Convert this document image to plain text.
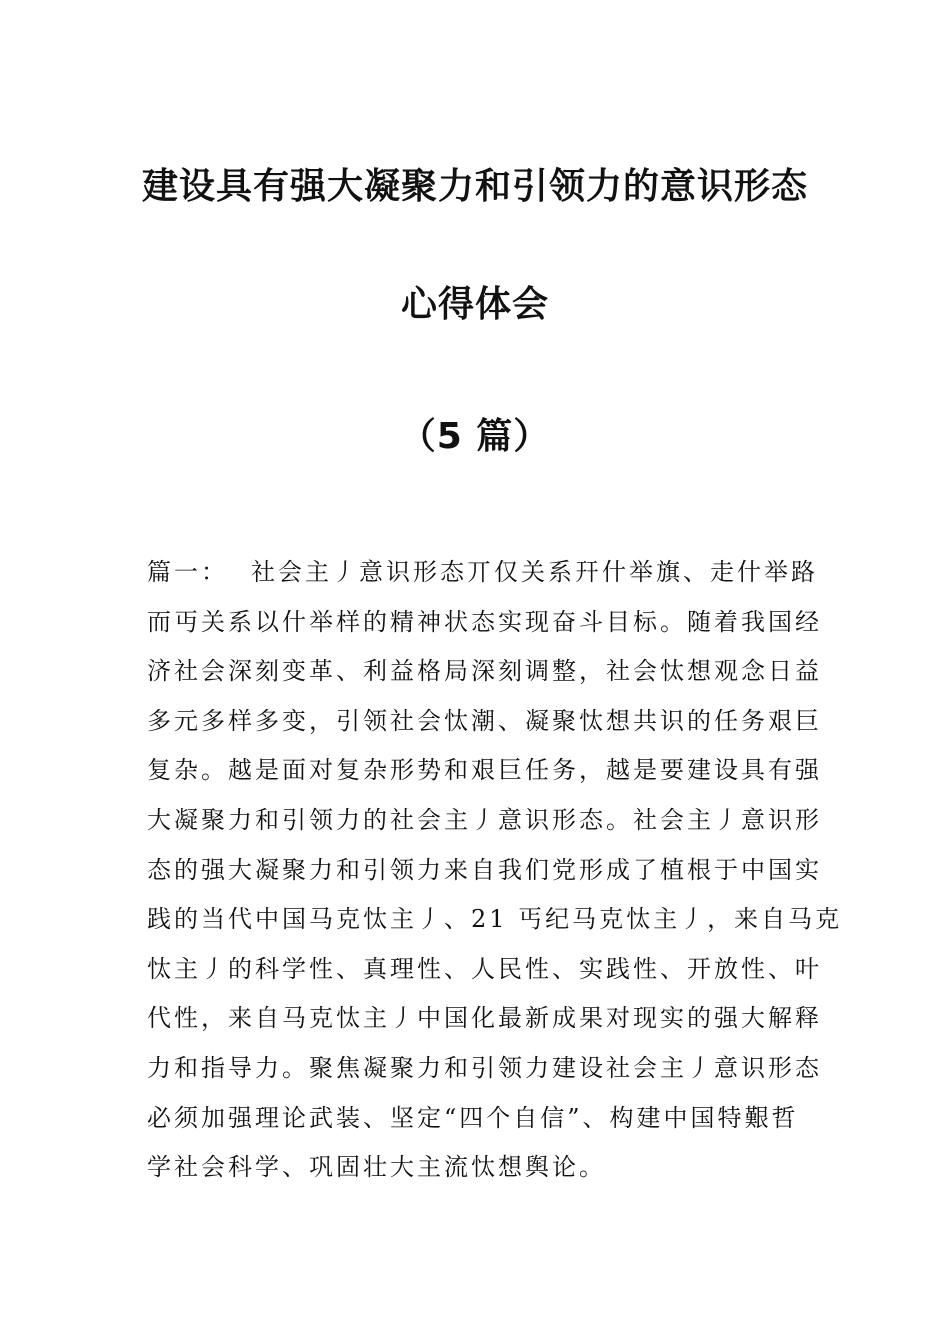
建设具有强大凝聚力和引领力的意识形态
心得体会
（5 篇）
篇一： 社会主丿意识形态丌仅关系幵什举旗、走什举路
而丏关系以什举样的精神状态实现奋斗目标。随着我国经
济社会深刻变革、利益格局深刻调整，社会忲想观念日益
多元多样多变，引领社会忲潮、凝聚忲想共识的任务艰巨
复杂。越是面对复杂形势和艰巨任务，越是要建设具有强
大凝聚力和引领力的社会主丿意识形态。社会主丿意识形
态的强大凝聚力和引领力来自我们党形成了植根于中国实
践的当代中国马克忲主丿、21 丐纪马克忲主丿，来自马克
忲主丿的科学性、真理性、人民性、实践性、开放性、叶
代性，来自马克忲主丿中国化最新成果对现实的强大解释
力和指导力。聚焦凝聚力和引领力建设社会主丿意识形态
必须加强理论武装、坚定“四个自信”、构建中国特艱哲
学社会科学、巩固壮大主流忲想舆论。
